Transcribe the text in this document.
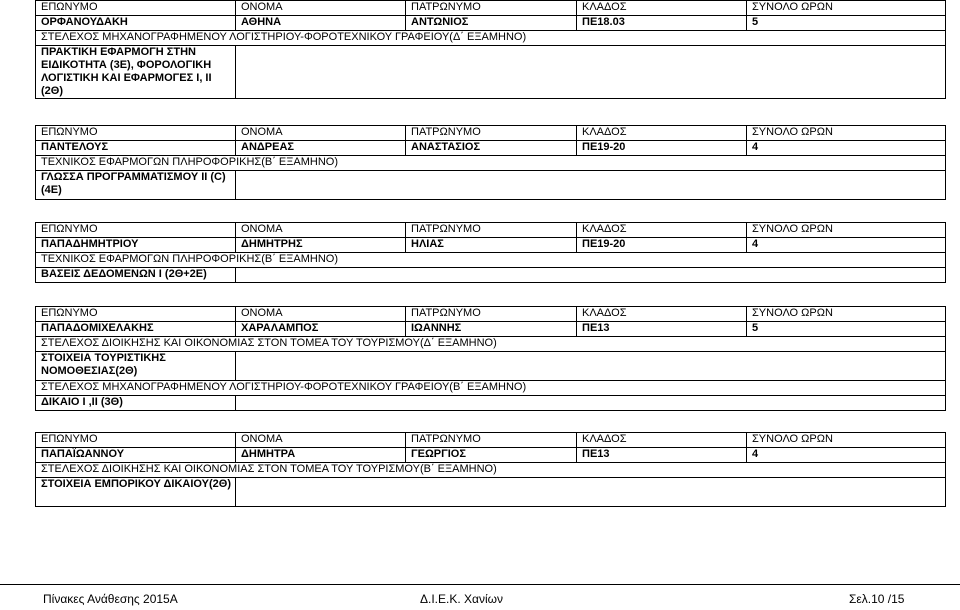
ΕΠΩΝΥΜΟ	ΟΝΟΜΑ	ΠΑΤΡΩΝΥΜΟ	ΚΛΑΔΟΣ	ΣΥΝΟΛΟ ΩΡΩΝ
ΟΡΦΑΝΟΥΔΑΚΗ	ΑΘΗΝΑ	ΑΝΤΩΝΙΟΣ	ΠΕ18.03	5
ΣΤΕΛΕΧΟΣ ΜΗΧΑΝΟΓΡΑΦΗΜΕΝΟΥ ΛΟΓΙΣΤΗΡΙΟΥ-ΦΟΡΟΤΕΧΝΙΚΟΥ ΓΡΑΦΕΙΟΥ(Δ΄ ΕΞΑΜΗΝΟ)				
ΠΡΑΚΤΙΚΗ ΕΦΑΡΜΟΓΗ ΣΤΗΝ ΕΙΔΙΚΟΤΗΤΑ (3Ε), ΦΟΡΟΛΟΓΙΚΗ ΛΟΓΙΣΤΙΚΗ ΚΑΙ ΕΦΑΡΜΟΓΕΣ Ι, ΙΙ (2Θ)				
ΕΠΩΝΥΜΟ	ΟΝΟΜΑ	ΠΑΤΡΩΝΥΜΟ	ΚΛΑΔΟΣ	ΣΥΝΟΛΟ ΩΡΩΝ
ΠΑΝΤΕΛΟΥΣ	ΑΝΔΡΕΑΣ	ΑΝΑΣΤΑΣΙΟΣ	ΠΕ19-20	4
ΤΕΧΝΙΚΟΣ ΕΦΑΡΜΟΓΩΝ ΠΛΗΡΟΦΟΡΙΚΗΣ(Β΄ ΕΞΑΜΗΝΟ)				
ΓΛΩΣΣΑ ΠΡΟΓΡΑΜΜΑΤΙΣΜΟΥ ΙΙ (C) (4Ε)				
ΕΠΩΝΥΜΟ	ΟΝΟΜΑ	ΠΑΤΡΩΝΥΜΟ	ΚΛΑΔΟΣ	ΣΥΝΟΛΟ ΩΡΩΝ
ΠΑΠΑΔΗΜΗΤΡΙΟΥ	ΔΗΜΗΤΡΗΣ	ΗΛΙΑΣ	ΠΕ19-20	4
ΤΕΧΝΙΚΟΣ ΕΦΑΡΜΟΓΩΝ ΠΛΗΡΟΦΟΡΙΚΗΣ(Β΄ ΕΞΑΜΗΝΟ)				
ΒΑΣΕΙΣ ΔΕΔΟΜΕΝΩΝ Ι (2Θ+2Ε)				
ΕΠΩΝΥΜΟ	ΟΝΟΜΑ	ΠΑΤΡΩΝΥΜΟ	ΚΛΑΔΟΣ	ΣΥΝΟΛΟ ΩΡΩΝ
ΠΑΠΑΔΟΜΙΧΕΛΑΚΗΣ	ΧΑΡΑΛΑΜΠΟΣ	ΙΩΑΝΝΗΣ	ΠΕ13	5
ΣΤΕΛΕΧΟΣ ΔΙΟΙΚΗΣΗΣ ΚΑΙ ΟΙΚΟΝΟΜΙΑΣ ΣΤΟΝ ΤΟΜΕΑ ΤΟΥ ΤΟΥΡΙΣΜΟΥ(Δ΄ ΕΞΑΜΗΝΟ)				
ΣΤΟΙΧΕΙΑ ΤΟΥΡΙΣΤΙΚΗΣ ΝΟΜΟΘΕΣΙΑΣ(2Θ)				
ΣΤΕΛΕΧΟΣ ΜΗΧΑΝΟΓΡΑΦΗΜΕΝΟΥ ΛΟΓΙΣΤΗΡΙΟΥ-ΦΟΡΟΤΕΧΝΙΚΟΥ ΓΡΑΦΕΙΟΥ(Β΄ ΕΞΑΜΗΝΟ)				
ΔΙΚΑΙΟ Ι ,ΙΙ (3Θ)				
ΕΠΩΝΥΜΟ	ΟΝΟΜΑ	ΠΑΤΡΩΝΥΜΟ	ΚΛΑΔΟΣ	ΣΥΝΟΛΟ ΩΡΩΝ
ΠΑΠΑΪΩΑΝΝΟΥ	ΔΗΜΗΤΡΑ	ΓΕΩΡΓΙΟΣ	ΠΕ13	4
ΣΤΕΛΕΧΟΣ ΔΙΟΙΚΗΣΗΣ ΚΑΙ ΟΙΚΟΝΟΜΙΑΣ ΣΤΟΝ ΤΟΜΕΑ ΤΟΥ ΤΟΥΡΙΣΜΟΥ(Β΄ ΕΞΑΜΗΝΟ)				
ΣΤΟΙΧΕΙΑ ΕΜΠΟΡΙΚΟΥ ΔΙΚΑΙΟΥ(2Θ)				
Πίνακες Ανάθεσης 2015Α	Δ.Ι.Ε.Κ. Χανίων	Σελ.10 /15
